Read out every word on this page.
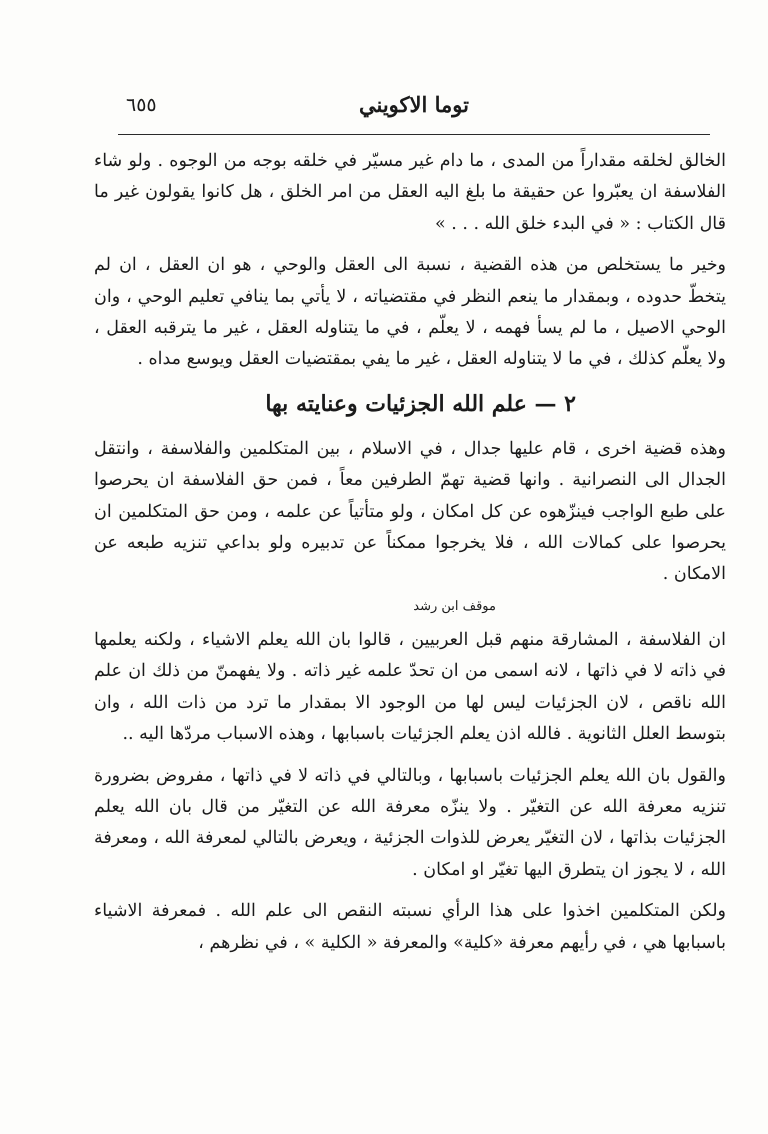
توما الاكويني
٦٥٥

الخالق لخلقه مقداراً من المدى ، ما دام غير مسيّر في خلقه بوجه من الوجوه . ولو شاء الفلاسفة ان يعبّروا عن حقيقة ما بلغ اليه العقل من امر الخلق ، هل كانوا يقولون غير ما قال الكتاب : « في البدء خلق الله . . . »

وخير ما يستخلص من هذه القضية ، نسبة الى العقل والوحي ، هو ان العقل ، ان لم يتخطّ حدوده ، وبمقدار ما ينعم النظر في مقتضياته ، لا يأتي بما ينافي تعليم الوحي ، وان الوحي الاصيل ، ما لم يسأ فهمه ، لا يعلّم ، في ما يتناوله العقل ، غير ما يترقبه العقل ، ولا يعلّم كذلك ، في ما لا يتناوله العقل ، غير ما يفي بمقتضيات العقل ويوسع مداه .

٢ — علم الله الجزئيات وعنايته بها

وهذه قضية اخرى ، قام عليها جدال ، في الاسلام ، بين المتكلمين والفلاسفة ، وانتقل الجدال الى النصرانية . وانها قضية تهمّ الطرفين معاً ، فمن حق الفلاسفة ان يحرصوا على طبع الواجب فينزّهوه عن كل امكان ، ولو متأتياً عن علمه ، ومن حق المتكلمين ان يحرصوا على كمالات الله ، فلا يخرجوا ممكناً عن تدبيره ولو بداعي تنزيه طبعه عن الامكان .

موقف ابن رشد

ان الفلاسفة ، المشارقة منهم قبل العربيين ، قالوا بان الله يعلم الاشياء ، ولكنه يعلمها في ذاته لا في ذاتها ، لانه اسمى من ان تحدّ علمه غير ذاته . ولا يفهمنّ من ذلك ان علم الله ناقص ، لان الجزئيات ليس لها من الوجود الا بمقدار ما ترد من ذات الله ، وان بتوسط العلل الثانوية . فالله اذن يعلم الجزئيات باسبابها ، وهذه الاسباب مردّها اليه ..

والقول بان الله يعلم الجزئيات باسبابها ، وبالتالي في ذاته لا في ذاتها ، مفروض بضرورة تنزيه معرفة الله عن التغيّر . ولا ينزّه معرفة الله عن التغيّر من قال بان الله يعلم الجزئيات بذاتها ، لان التغيّر يعرض للذوات الجزئية ، ويعرض بالتالي لمعرفة الله ، ومعرفة الله ، لا يجوز ان يتطرق اليها تغيّر او امكان .

ولكن المتكلمين اخذوا على هذا الرأي نسبته النقص الى علم الله . فمعرفة الاشياء باسبابها هي ، في رأيهم معرفة «كلية» والمعرفة « الكلية » ، في نظرهم ،
